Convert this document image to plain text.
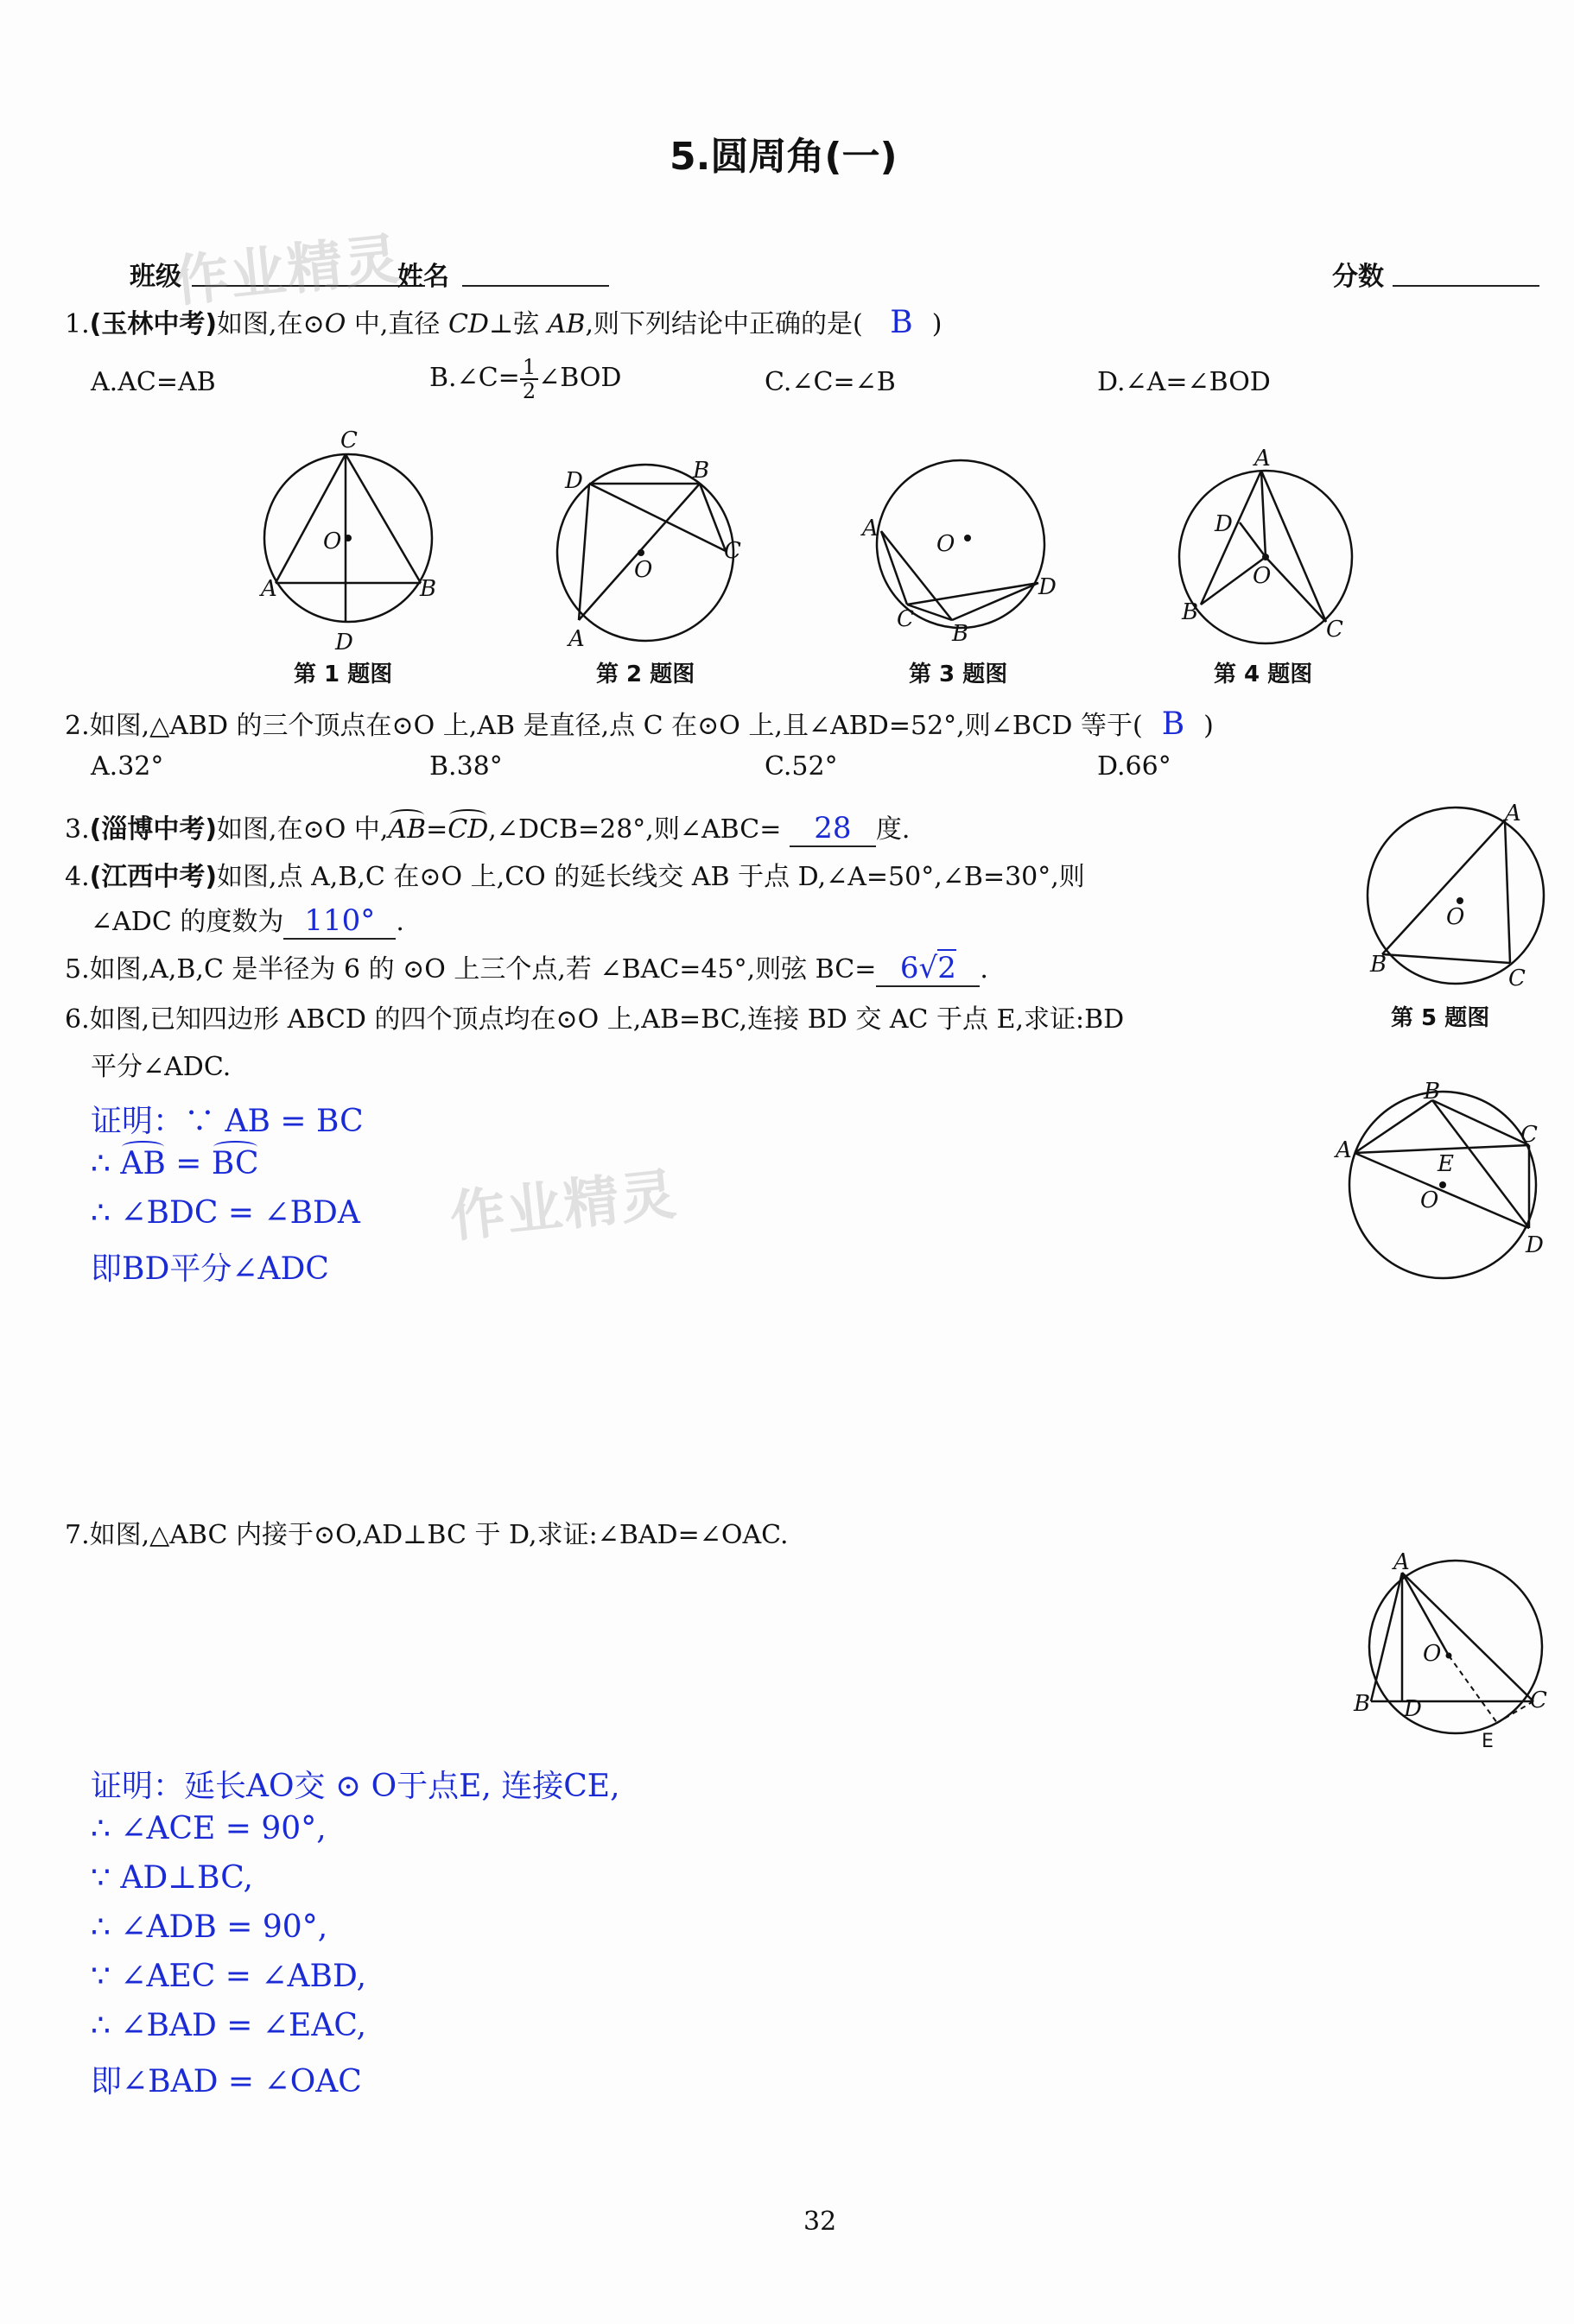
5.圆周角(一)
班级
作业精灵
姓名	分数
1.(玉林中考)如图,在⊙O 中,直径 CD⊥弦 AB,则下列结论中正确的是( B )
A.AC=AB	B.∠C= $\frac{1}{2}$ ∠BOD	C.∠C=∠B	D.∠A=∠BOD
C
O
A	B
D
第 1 题图
D	B
O
C
A
第 2 题图
A
O
D
C
B
第 3 题图
A
D
O
B
C
第 4 题图
2.如图,△ABD 的三个顶点在⊙O 上,AB 是直径,点 C 在⊙O 上,且∠ABD=52°,则∠BCD 等于( B )
A.32°	B.38°	C.52°	D.66°
3.(淄博中考)如图,在⊙O 中,AB=CD,∠DCB=28°,则∠ABC= 28 度.
4.(江西中考)如图,点 A,B,C 在⊙O 上,CO 的延长线交 AB 于点 D,∠A=50°,∠B=30°,则
∠ADC 的度数为 110° .
A
O
B
C
第 5 题图
5.如图,A,B,C 是半径为 6 的 ⊙O 上三个点,若 ∠BAC=45°,则弦 BC= 6√2 .
6.如图,已知四边形 ABCD 的四个顶点均在⊙O 上,AB=BC,连接 BD 交 AC 于点 E,求证:BD
平分∠ADC.
证明：∵ AB = BC
∴ AB = BC
∴ ∠BDC = ∠BDA
即BD平分∠ADC
作业精灵
B
A
E
C
O
D
7.如图,△ABC 内接于⊙O,AD⊥BC 于 D,求证:∠BAD=∠OAC.
A
O
B D	C
E
证明：延长AO交 ⊙ O于点E, 连接CE,
∴ ∠ACE = 90°,
∵ AD⊥BC,
∴ ∠ADB = 90°,
∵ ∠AEC = ∠ABD,
∴ ∠BAD = ∠EAC,
即∠BAD = ∠OAC
32
